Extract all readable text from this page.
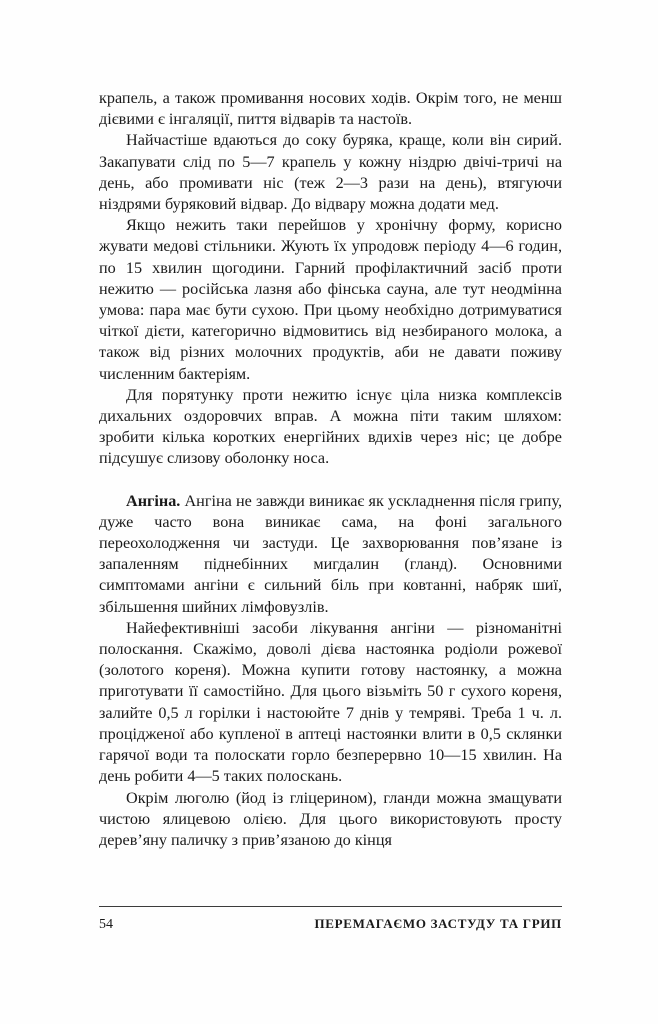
крапель, а також промивання носових ходів. Окрім того, не менш дієвими є інгаляції, пиття відварів та настоїв.

Найчастіше вдаються до соку буряка, краще, коли він сирий. Закапувати слід по 5—7 крапель у кожну ніздрю двічі-тричі на день, або промивати ніс (теж 2—3 рази на день), втягуючи ніздрями буряковий відвар. До відвару можна додати мед.

Якщо нежить таки перейшов у хронічну форму, корисно жувати медові стільники. Жують їх упродовж періоду 4—6 годин, по 15 хвилин щогодини. Гарний профілактичний засіб проти нежитю — російська лазня або фінська сауна, але тут неодмінна умова: пара має бути сухою. При цьому необхідно дотримуватися чіткої дієти, категорично відмовитись від незбираного молока, а також від різних молочних продуктів, аби не давати поживу численним бактеріям.

Для порятунку проти нежитю існує ціла низка комплексів дихальних оздоровчих вправ. А можна піти таким шляхом: зробити кілька коротких енергійних вдихів через ніс; це добре підсушує слизову оболонку носа.

Ангіна. Ангіна не завжди виникає як ускладнення після грипу, дуже часто вона виникає сама, на фоні загального переохолодження чи застуди. Це захворювання пов’язане із запаленням піднебінних мигдалин (гланд). Основними симптомами ангіни є сильний біль при ковтанні, набряк шиї, збільшення шийних лімфовузлів.

Найефективніші засоби лікування ангіни — різноманітні полоскання. Скажімо, доволі дієва настоянка родіоли рожевої (золотого кореня). Можна купити готову настоянку, а можна приготувати її самостійно. Для цього візьміть 50 г сухого кореня, залийте 0,5 л горілки і настоюйте 7 днів у темряві. Треба 1 ч. л. процідженої або купленої в аптеці настоянки влити в 0,5 склянки гарячої води та полоскати горло безперервно 10—15 хвилин. На день робити 4—5 таких полоскань.

Окрім люголю (йод із гліцерином), гланди можна змащувати чистою ялицевою олією. Для цього використовують просту дерев’яну паличку з прив’язаною до кінця

54	ПЕРЕМАГАЄМО ЗАСТУДУ ТА ГРИП
